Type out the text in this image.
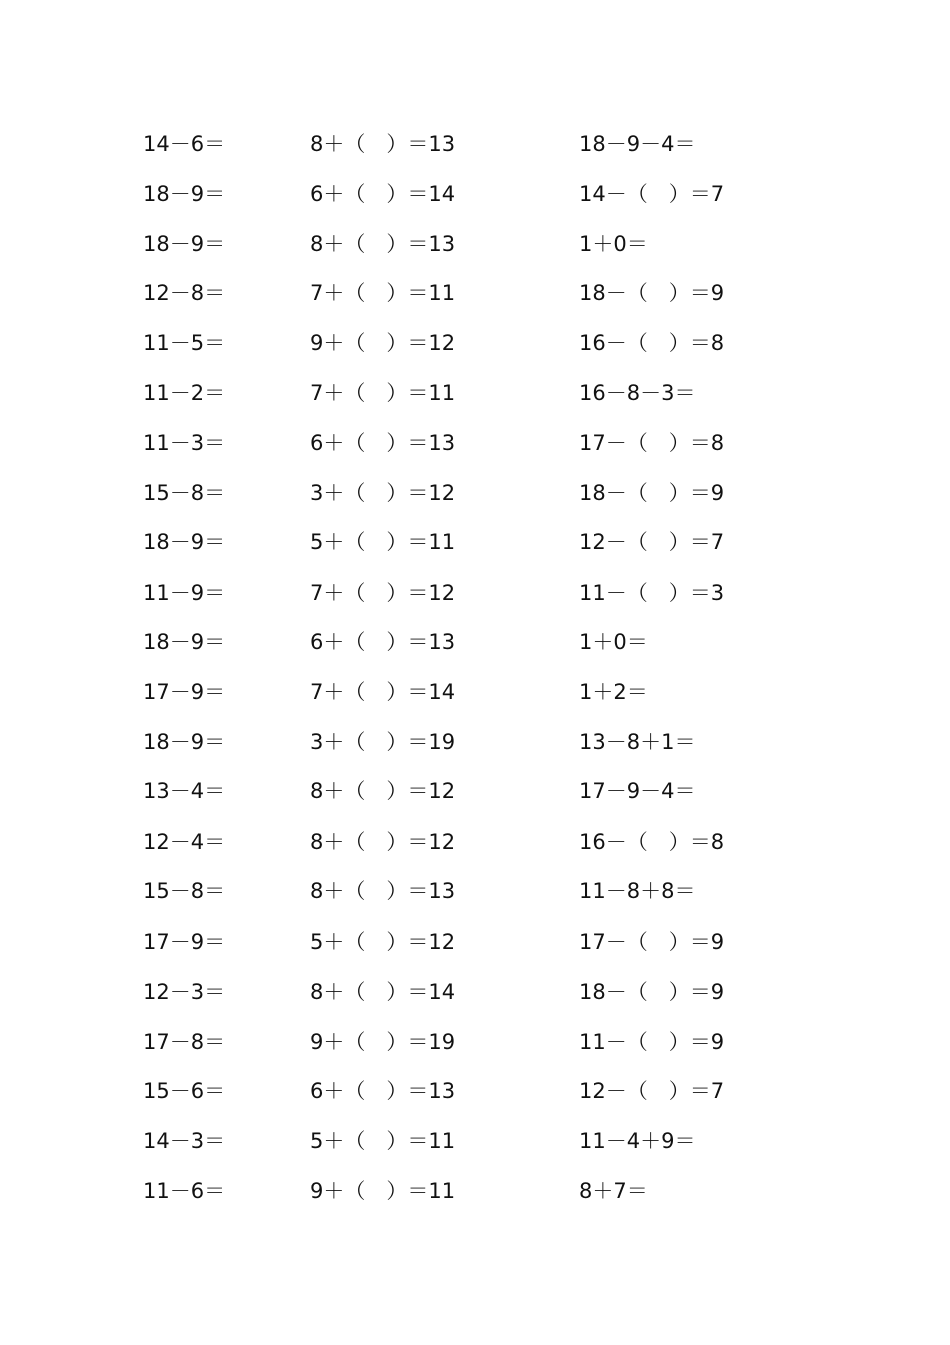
14－6＝	8＋（　）＝13	18－9－4＝
18－9＝	6＋（　）＝14	14－（　）＝7
18－9＝	8＋（　）＝13	1＋0＝
12－8＝	7＋（　）＝11	18－（　）＝9
11－5＝	9＋（　）＝12	16－（　）＝8
11－2＝	7＋（　）＝11	16－8－3＝
11－3＝	6＋（　）＝13	17－（　）＝8
15－8＝	3＋（　）＝12	18－（　）＝9
18－9＝	5＋（　）＝11	12－（　）＝7
11－9＝	7＋（　）＝12	11－（　）＝3
18－9＝	6＋（　）＝13	1＋0＝
17－9＝	7＋（　）＝14	1＋2＝
18－9＝	3＋（　）＝19	13－8＋1＝
13－4＝	8＋（　）＝12	17－9－4＝
12－4＝	8＋（　）＝12	16－（　）＝8
15－8＝	8＋（　）＝13	11－8＋8＝
17－9＝	5＋（　）＝12	17－（　）＝9
12－3＝	8＋（　）＝14	18－（　）＝9
17－8＝	9＋（　）＝19	11－（　）＝9
15－6＝	6＋（　）＝13	12－（　）＝7
14－3＝	5＋（　）＝11	11－4＋9＝
11－6＝	9＋（　）＝11	8＋7＝
